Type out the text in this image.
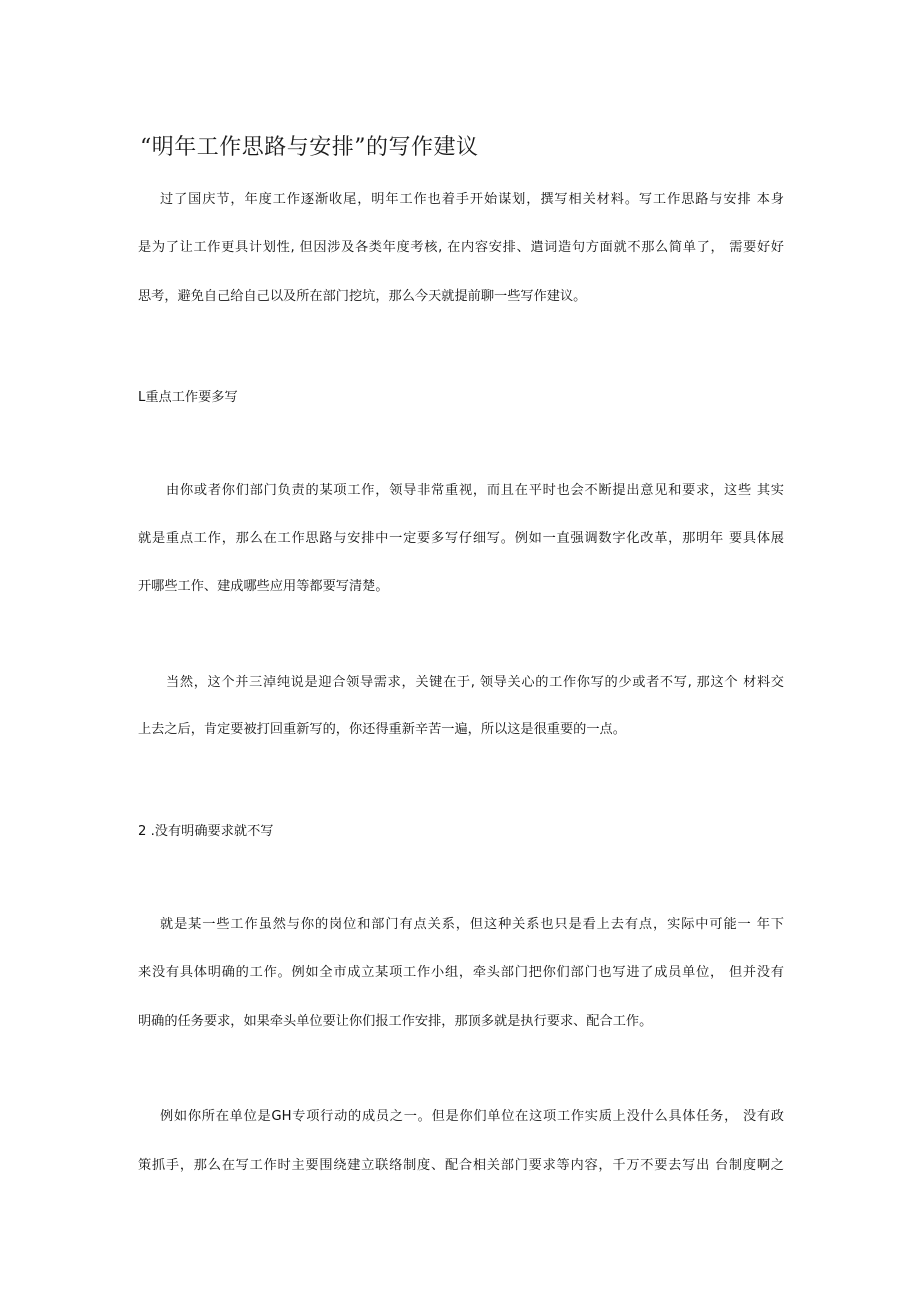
“明年工作思路与安排”的写作建议
过了国庆节，年度工作逐渐收尾，明年工作也着手开始谋划，撰写相关材料。写工作思路与安排 本身
是为了让工作更具计划性, 但因涉及各类年度考核, 在内容安排、遣词造句方面就不那么简单了， 需要好好
思考，避免自己给自己以及所在部门挖坑，那么今天就提前聊一些写作建议。
L重点工作要多写
由你或者你们部门负责的某项工作，领导非常重视，而且在平时也会不断提出意见和要求，这些 其实
就是重点工作，那么在工作思路与安排中一定要多写仔细写。例如一直强调数字化改革，那明年 要具体展
开哪些工作、建成哪些应用等都要写清楚。
当然，这个并三淖纯说是迎合领导需求，关键在于, 领导关心的工作你写的少或者不写, 那这个 材料交
上去之后，肯定要被打回重新写的，你还得重新辛苦一遍，所以这是很重要的一点。
2 .没有明确要求就不写
就是某一些工作虽然与你的岗位和部门有点关系，但这种关系也只是看上去有点，实际中可能一 年下
来没有具体明确的工作。例如全市成立某项工作小组，牵头部门把你们部门也写进了成员单位， 但并没有
明确的任务要求，如果牵头单位要让你们报工作安排，那顶多就是执行要求、配合工作。
例如你所在单位是GH专项行动的成员之一。但是你们单位在这项工作实质上没什么具体任务， 没有政
策抓手，那么在写工作时主要围绕建立联络制度、配合相关部门要求等内容，千万不要去写出 台制度啊之
